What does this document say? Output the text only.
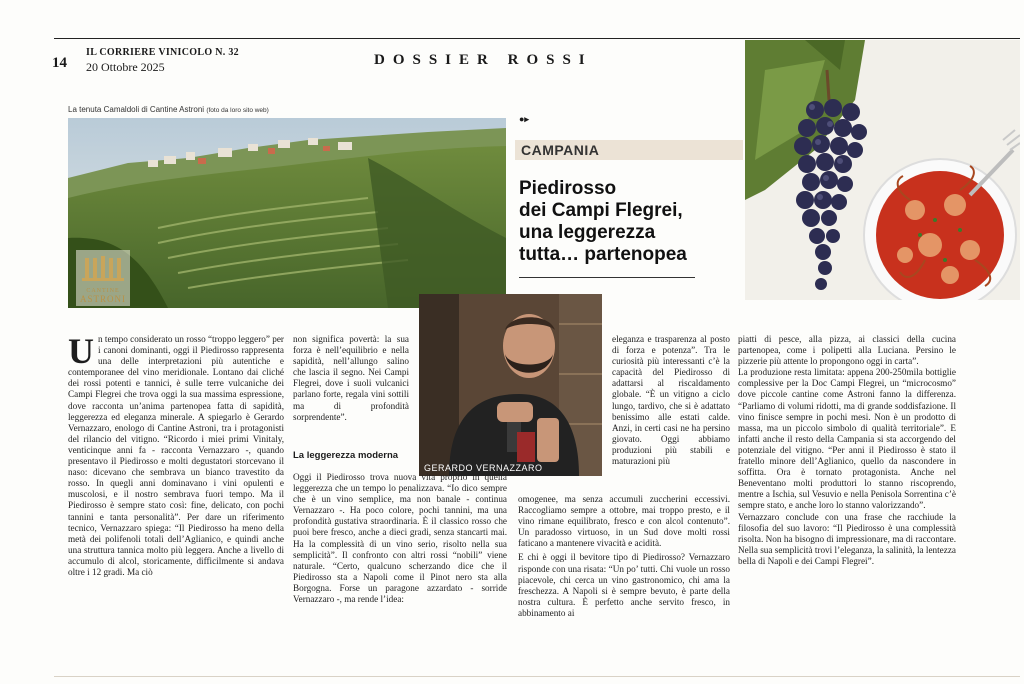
14
IL CORRIERE VINICOLO N. 32
20 Ottobre 2025	DOSSIER ROSSI
La tenuta Camaldoli di Cantine Astroni (foto da loro sito web)
CANTINE
ASTRONI
●▸
CAMPANIA
Piedirosso
dei Campi Flegrei,
una leggerezza
tutta… partenopea
GERARDO VERNAZZARO

Un tempo considerato un rosso “troppo leggero” per i canoni dominanti, oggi il Piedirosso rappresenta una delle interpretazioni più autentiche e contemporanee del vino meridionale. Lontano dai cliché dei rossi potenti e tannici, è sulle terre vulcaniche dei Campi Flegrei che trova oggi la sua massima espressione, dove racconta un’anima partenopea fatta di sapidità, leggerezza ed eleganza minerale. A spiegarlo è Gerardo Vernazzaro, enologo di Cantine Astroni, tra i protagonisti del rilancio del vitigno. “Ricordo i miei primi Vinitaly, venticinque anni fa - racconta Vernazzaro -, quando presentavo il Piedirosso e molti degustatori storcevano il naso: dicevano che sembrava un bianco travestito da rosso. In quegli anni dominavano i vini opulenti e muscolosi, e il nostro sembrava fuori tempo. Ma il Piedirosso è sempre stato così: fine, delicato, con pochi tannini e tanta personalità”. Per dare un riferimento tecnico, Vernazzaro spiega: “Il Piedirosso ha meno della metà dei polifenoli totali dell’Aglianico, e quindi anche una struttura tannica molto più leggera. Anche a livello di accumulo di alcol, storicamente, difficilmente si andava oltre i 12 gradi. Ma ciò

non significa povertà: la sua forza è nell’equilibrio e nella sapidità, nell’allungo salino che lascia il segno. Nei Campi Flegrei, dove i suoli vulcanici parlano forte, regala vini sottili ma di profondità sorprendente”.

La leggerezza moderna

Oggi il Piedirosso trova nuova vita proprio in quella leggerezza che un tempo lo penalizzava. “Io dico sempre che è un vino semplice, ma non banale - continua Vernazzaro -. Ha poco colore, pochi tannini, ma una profondità gustativa straordinaria. È il classico rosso che puoi bere fresco, anche a dieci gradi, senza stancarti mai. Ha la complessità di un vino serio, risolto nella sua semplicità”. Il confronto con altri rossi “nobili” viene naturale. “Certo, qualcuno scherzando dice che il Piedirosso sta a Napoli come il Pinot nero sta alla Borgogna. Forse un paragone azzardato - sorride Vernazzaro -, ma rende l’idea:

eleganza e trasparenza al posto di forza e potenza”. Tra le curiosità più interessanti c’è la capacità del Piedirosso di adattarsi al riscaldamento globale. “È un vitigno a ciclo lungo, tardivo, che si è adattato benissimo alle estati calde. Anzi, in certi casi ne ha persino giovato. Oggi abbiamo produzioni più stabili e maturazioni più

omogenee, ma senza accumuli zuccherini eccessivi. Raccogliamo sempre a ottobre, mai troppo presto, e il vino rimane equilibrato, fresco e con alcol contenuto”. Un paradosso virtuoso, in un Sud dove molti rossi faticano a mantenere vivacità e acidità.

E chi è oggi il bevitore tipo di Piedirosso? Vernazzaro risponde con una risata: “Un po’ tutti. Chi vuole un rosso piacevole, chi cerca un vino gastronomico, chi ama la freschezza. A Napoli si è sempre bevuto, è parte della nostra cultura. È perfetto anche servito fresco, in abbinamento ai

piatti di pesce, alla pizza, ai classici della cucina partenopea, come i polipetti alla Luciana. Persino le pizzerie più attente lo propongono oggi in carta”.

La produzione resta limitata: appena 200-250mila bottiglie complessive per la Doc Campi Flegrei, un “microcosmo” dove piccole cantine come Astroni fanno la differenza. “Parliamo di volumi ridotti, ma di grande soddisfazione. Il vino finisce sempre in pochi mesi. Non è un prodotto di massa, ma un piccolo simbolo di qualità territoriale”. E infatti anche il resto della Campania si sta accorgendo del potenziale del vitigno. “Per anni il Piedirosso è stato il fratello minore dell’Aglianico, quello da nascondere in soffitta. Ora è tornato protagonista. Anche nel Beneventano molti produttori lo stanno riscoprendo, mentre a Ischia, sul Vesuvio e nella Penisola Sorrentina c’è sempre stato, e anche loro lo stanno valorizzando”.

Vernazzaro conclude con una frase che racchiude la filosofia del suo lavoro: “Il Piedirosso è una complessità risolta. Non ha bisogno di impressionare, ma di raccontare. Nella sua semplicità trovi l’eleganza, la salinità, la lentezza bella di Napoli e dei Campi Flegrei”.
